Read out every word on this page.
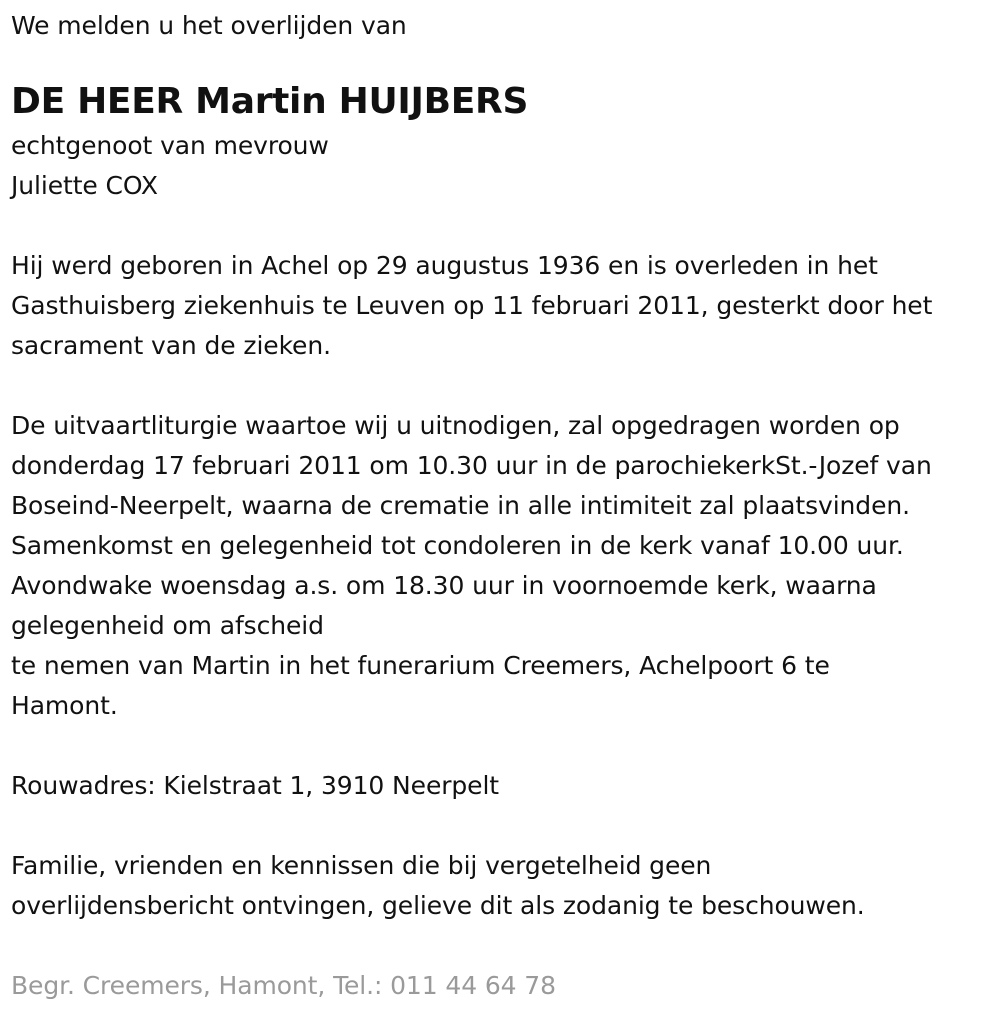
We melden u het overlijden van
DE HEER Martin HUIJBERS
echtgenoot van mevrouw
Juliette COX
Hij werd geboren in Achel op 29 augustus 1936 en is overleden in het
Gasthuisberg ziekenhuis te Leuven op 11 februari 2011, gesterkt door het
sacrament van de zieken.
De uitvaartliturgie waartoe wij u uitnodigen, zal opgedragen worden op
donderdag 17 februari 2011 om 10.30 uur in de parochiekerkSt.-Jozef van
Boseind-Neerpelt, waarna de crematie in alle intimiteit zal plaatsvinden.
Samenkomst en gelegenheid tot condoleren in de kerk vanaf 10.00 uur.
Avondwake woensdag a.s. om 18.30 uur in voornoemde kerk, waarna
gelegenheid om afscheid
te nemen van Martin in het funerarium Creemers, Achelpoort 6 te
Hamont.
Rouwadres: Kielstraat 1, 3910 Neerpelt
Familie, vrienden en kennissen die bij vergetelheid geen
overlijdensbericht ontvingen, gelieve dit als zodanig te beschouwen.
Begr. Creemers, Hamont, Tel.: 011 44 64 78
